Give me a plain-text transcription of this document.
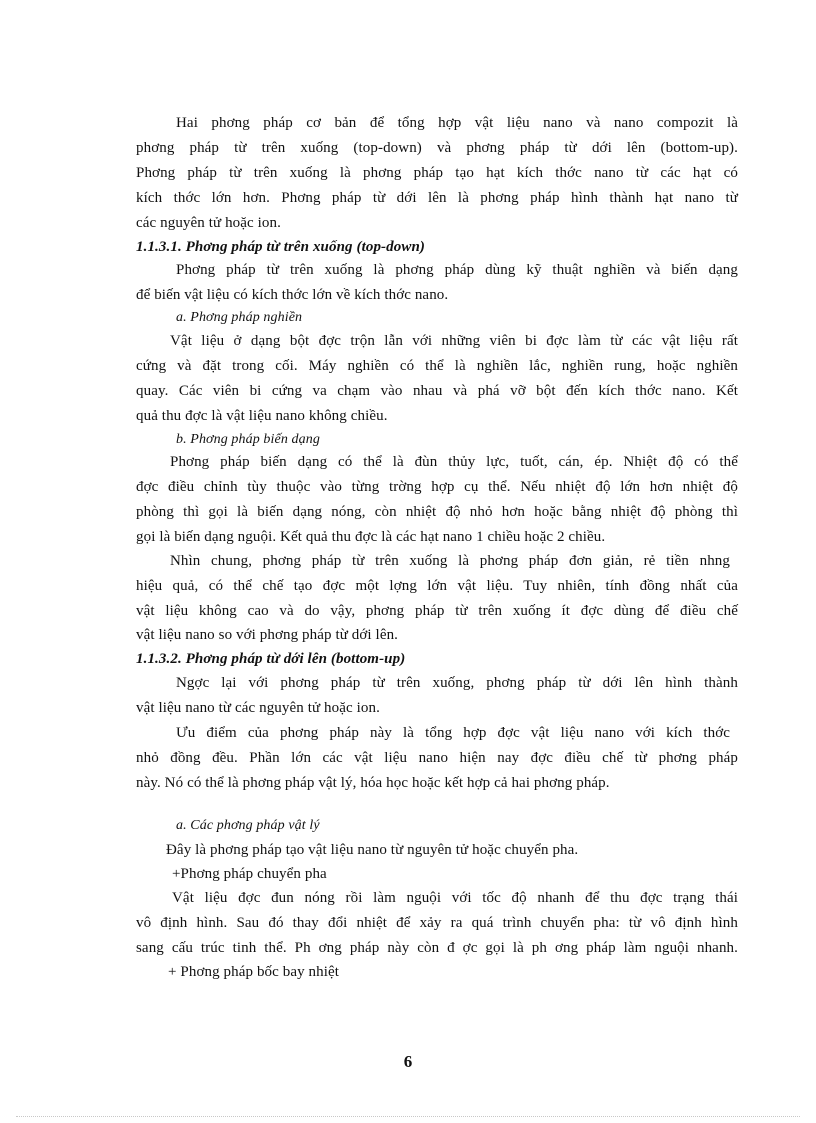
Hai phơng pháp cơ bản để tổng hợp vật liệu nano và nano compozit là
phơng pháp từ trên xuống (top-down) và phơng pháp từ dới lên (bottom-up).
Phơng pháp từ trên xuống là phơng pháp tạo hạt kích thớc nano từ các hạt có
kích thớc lớn hơn. Phơng pháp từ dới lên là phơng pháp hình thành hạt nano từ
các nguyên tử hoặc ion.
1.1.3.1. Phơng pháp từ trên xuống (top-down)
Phơng pháp từ trên xuống là phơng pháp dùng kỹ thuật nghiền và biến dạng
để biến vật liệu có kích thớc lớn về kích thớc nano.
a. Phơng pháp nghiền
Vật liệu ở dạng bột đợc trộn lẫn với những viên bi đợc làm từ các vật liệu rất
cứng và đặt trong cối. Máy nghiền có thể là nghiền lắc, nghiền rung, hoặc nghiền
quay. Các viên bi cứng va chạm vào nhau và phá vỡ bột đến kích thớc nano. Kết
quả thu đợc là vật liệu nano không chiều.
b. Phơng pháp biến dạng
Phơng pháp biến dạng có thể là đùn thủy lực, tuốt, cán, ép. Nhiệt độ có thể
đợc điều chỉnh tùy thuộc vào từng trờng hợp cụ thể. Nếu nhiệt độ lớn hơn nhiệt độ
phòng thì gọi là biến dạng nóng, còn nhiệt độ nhỏ hơn hoặc bằng nhiệt độ phòng thì
gọi là biến dạng nguội. Kết quả thu đợc là các hạt nano 1 chiều hoặc 2 chiều.
Nhìn chung, phơng pháp từ trên xuống là phơng pháp đơn giản, rẻ tiền nhng
hiệu quả, có thể chế tạo đợc một lợng lớn vật liệu. Tuy nhiên, tính đồng nhất của
vật liệu không cao và do vậy, phơng pháp từ trên xuống ít đợc dùng để điều chế
vật liệu nano so với phơng pháp từ dới lên.
1.1.3.2. Phơng pháp từ dới lên (bottom-up)
Ngợc lại với phơng pháp từ trên xuống, phơng pháp từ dới lên hình thành
vật liệu nano từ các nguyên tử hoặc ion.
Ưu điểm của phơng pháp này là tổng hợp đợc vật liệu nano với kích thớc
nhỏ đồng đều. Phần lớn các vật liệu nano hiện nay đợc điều chế từ phơng pháp
này. Nó có thể là phơng pháp vật lý, hóa học hoặc kết hợp cả hai phơng pháp.
a. Các phơng pháp vật lý
Đây là phơng pháp tạo vật liệu nano từ nguyên tử hoặc chuyển pha.
+Phơng pháp chuyển pha
Vật liệu đợc đun nóng rồi làm nguội với tốc độ nhanh để thu đợc trạng thái
vô định hình. Sau đó thay đổi nhiệt để xảy ra quá trình chuyển pha: từ vô định hình
sang cấu trúc tinh thể. Ph ơng pháp này còn đ ợc gọi là ph ơng pháp làm nguội nhanh.
+ Phơng pháp bốc bay nhiệt
6
